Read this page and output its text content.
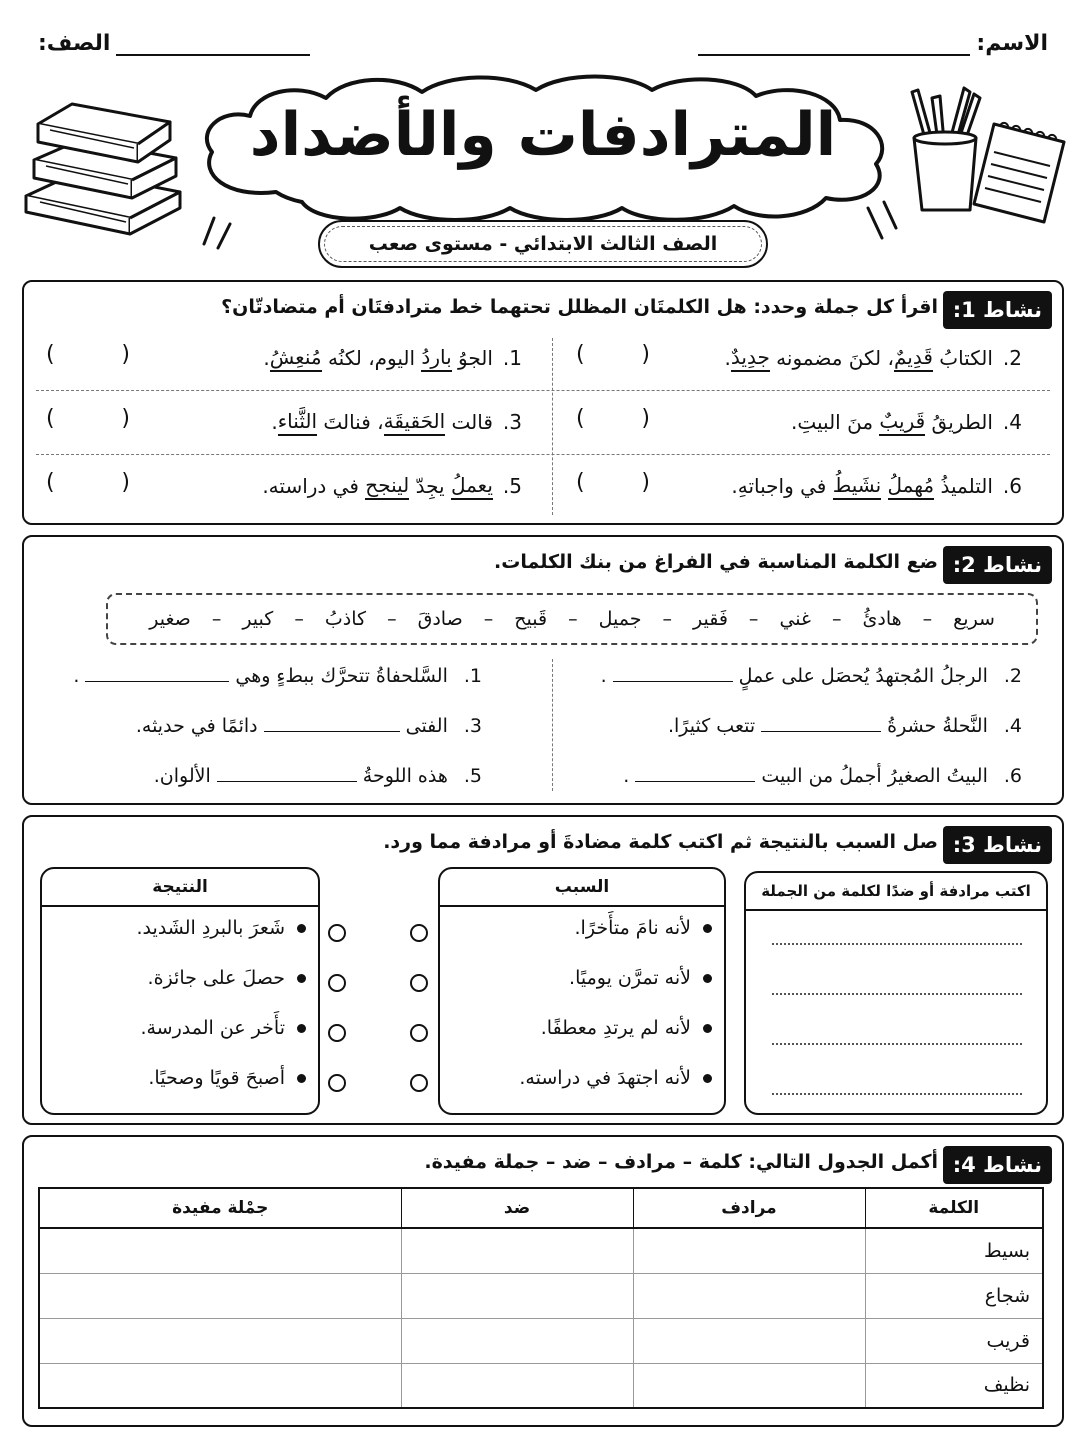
الاسم:
الصف:
المترادفات والأضداد
الصف الثالث الابتدائي - مستوى صعب
نشاط 1:
اقرأ كل جملة وحدد: هل الكلمتَان المظلل تحتهما خط مترادفتَان أم متضادتّان؟
2.
الكتابُ
قَدِيمٌ
، لكنَ مضمونه
جدِيدٌ
.
(
)
4.
الطريقُ
قَريبٌ
منَ البيتِ.
(
)
6.
التلميذُ
مُهملُ

نشَيطُ
في واجباتهِ.
(
)
1.
الجوُ
باردُ
اليوم، لكنُه
مُنعِشُ
.
(
)
3.
قالت
الحَقيقَة
، فنالتَ
الثَّناء
.
(
)
5.
يعملُ
يجِدّ
لينجح
في دراسته.
(
)
نشاط 2:
ضع الكلمة المناسبة في الفراغ من بنك الكلمات.
سريع
–
هادئُ
–
غني
–
فَقير
–
جميل
–
قَبيح
–
صادقَ
–
كاذبُ
–
كبير
–
صغير
2.الرجلُ المُجتهدُ يُحصَل على عملٍ.
4.النَّحلةُ حشرةُتتعب كثيرًا.
6.البيتُ الصغيرُ أجملُ من البيت.
1.السَّلحفاةُ تتحرَّك ببطءٍ وهي.
3.الفتىدائمًا في حديثه.
5.هذه اللوحةُالألوان.
نشاط 3:
صل السبب بالنتيجة ثم اكتب كلمة مضادةَ أو مرادفة مما ورد.
اكتب مرادفة أو ضدًا لكلمة من الجملة
السبب
لأنه نامَ متأَخرًا.
لأنه تمرَّن يوميًا.
لأنه لم يرتدِ معطفًا.
لأنه اجتهدَ في دراسته.
النتيجة
شَعرَ بالبردِ الشَديد.
حصلَ على جائزة.
تأَخر عن المدرسة.
أصبحَ قويًا وصحيًا.
نشاط 4:
أكمل الجدول التالي: كلمة – مرادف – ضد – جملة مفيدة.
الكلمة	مرادف	ضد	جمْلة مفيدة
بسيط			
شجاع			
قريب			
نظيف			
